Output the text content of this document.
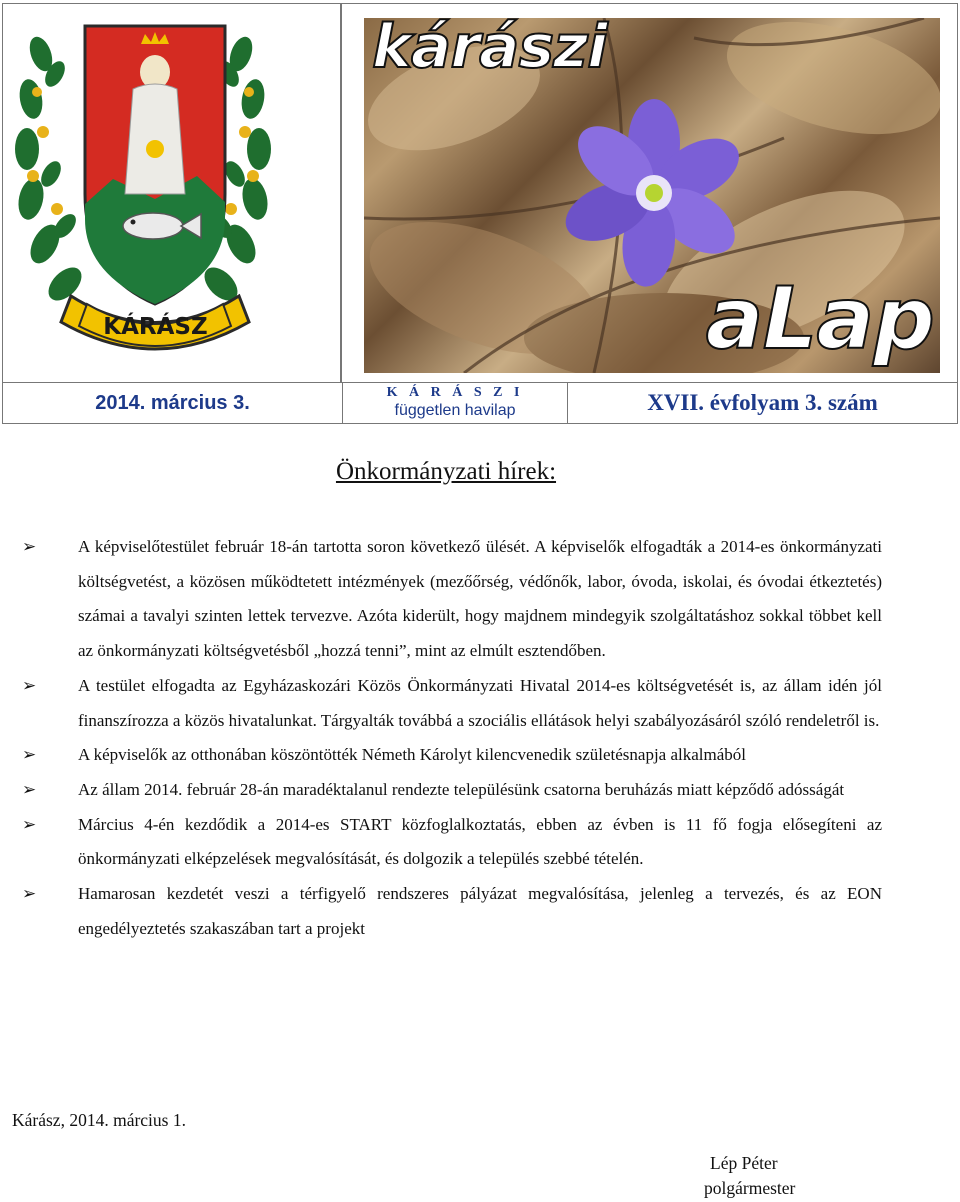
KÁRÁSZ
kárászi
aLap
2014. március 3.	K Á R Á S Z I
független havilap	XVII. évfolyam 3. szám
Önkormányzati hírek:
➢ A képviselőtestület február 18-án tartotta soron következő ülését. A képviselők elfogadták a 2014-es önkormányzati költségvetést, a közösen működtetett intézmények (mezőőrség, védőnők, labor, óvoda, iskolai, és óvodai étkeztetés) számai a tavalyi szinten lettek tervezve. Azóta kiderült, hogy majdnem mindegyik szolgáltatáshoz sokkal többet kell az önkormányzati költségvetésből „hozzá tenni”, mint az elmúlt esztendőben.
➢ A testület elfogadta az Egyházaskozári Közös Önkormányzati Hivatal 2014-es költségvetését is, az állam idén jól finanszírozza a közös hivatalunkat. Tárgyalták továbbá a szociális ellátások helyi szabályozásáról szóló rendeletről is.
➢ A képviselők az otthonában köszöntötték Németh Károlyt kilencvenedik születésnapja alkalmából
➢ Az állam 2014. február 28-án maradéktalanul rendezte településünk csatorna beruházás miatt képződő adósságát
➢ Március 4-én kezdődik a 2014-es START közfoglalkoztatás, ebben az évben is 11 fő fogja elősegíteni az önkormányzati elképzelések megvalósítását, és dolgozik a település szebbé tételén.
➢ Hamarosan kezdetét veszi a térfigyelő rendszeres pályázat megvalósítása, jelenleg a tervezés, és az EON engedélyeztetés szakaszában tart a projekt
Kárász, 2014. március 1.
Lép Péter
polgármester
